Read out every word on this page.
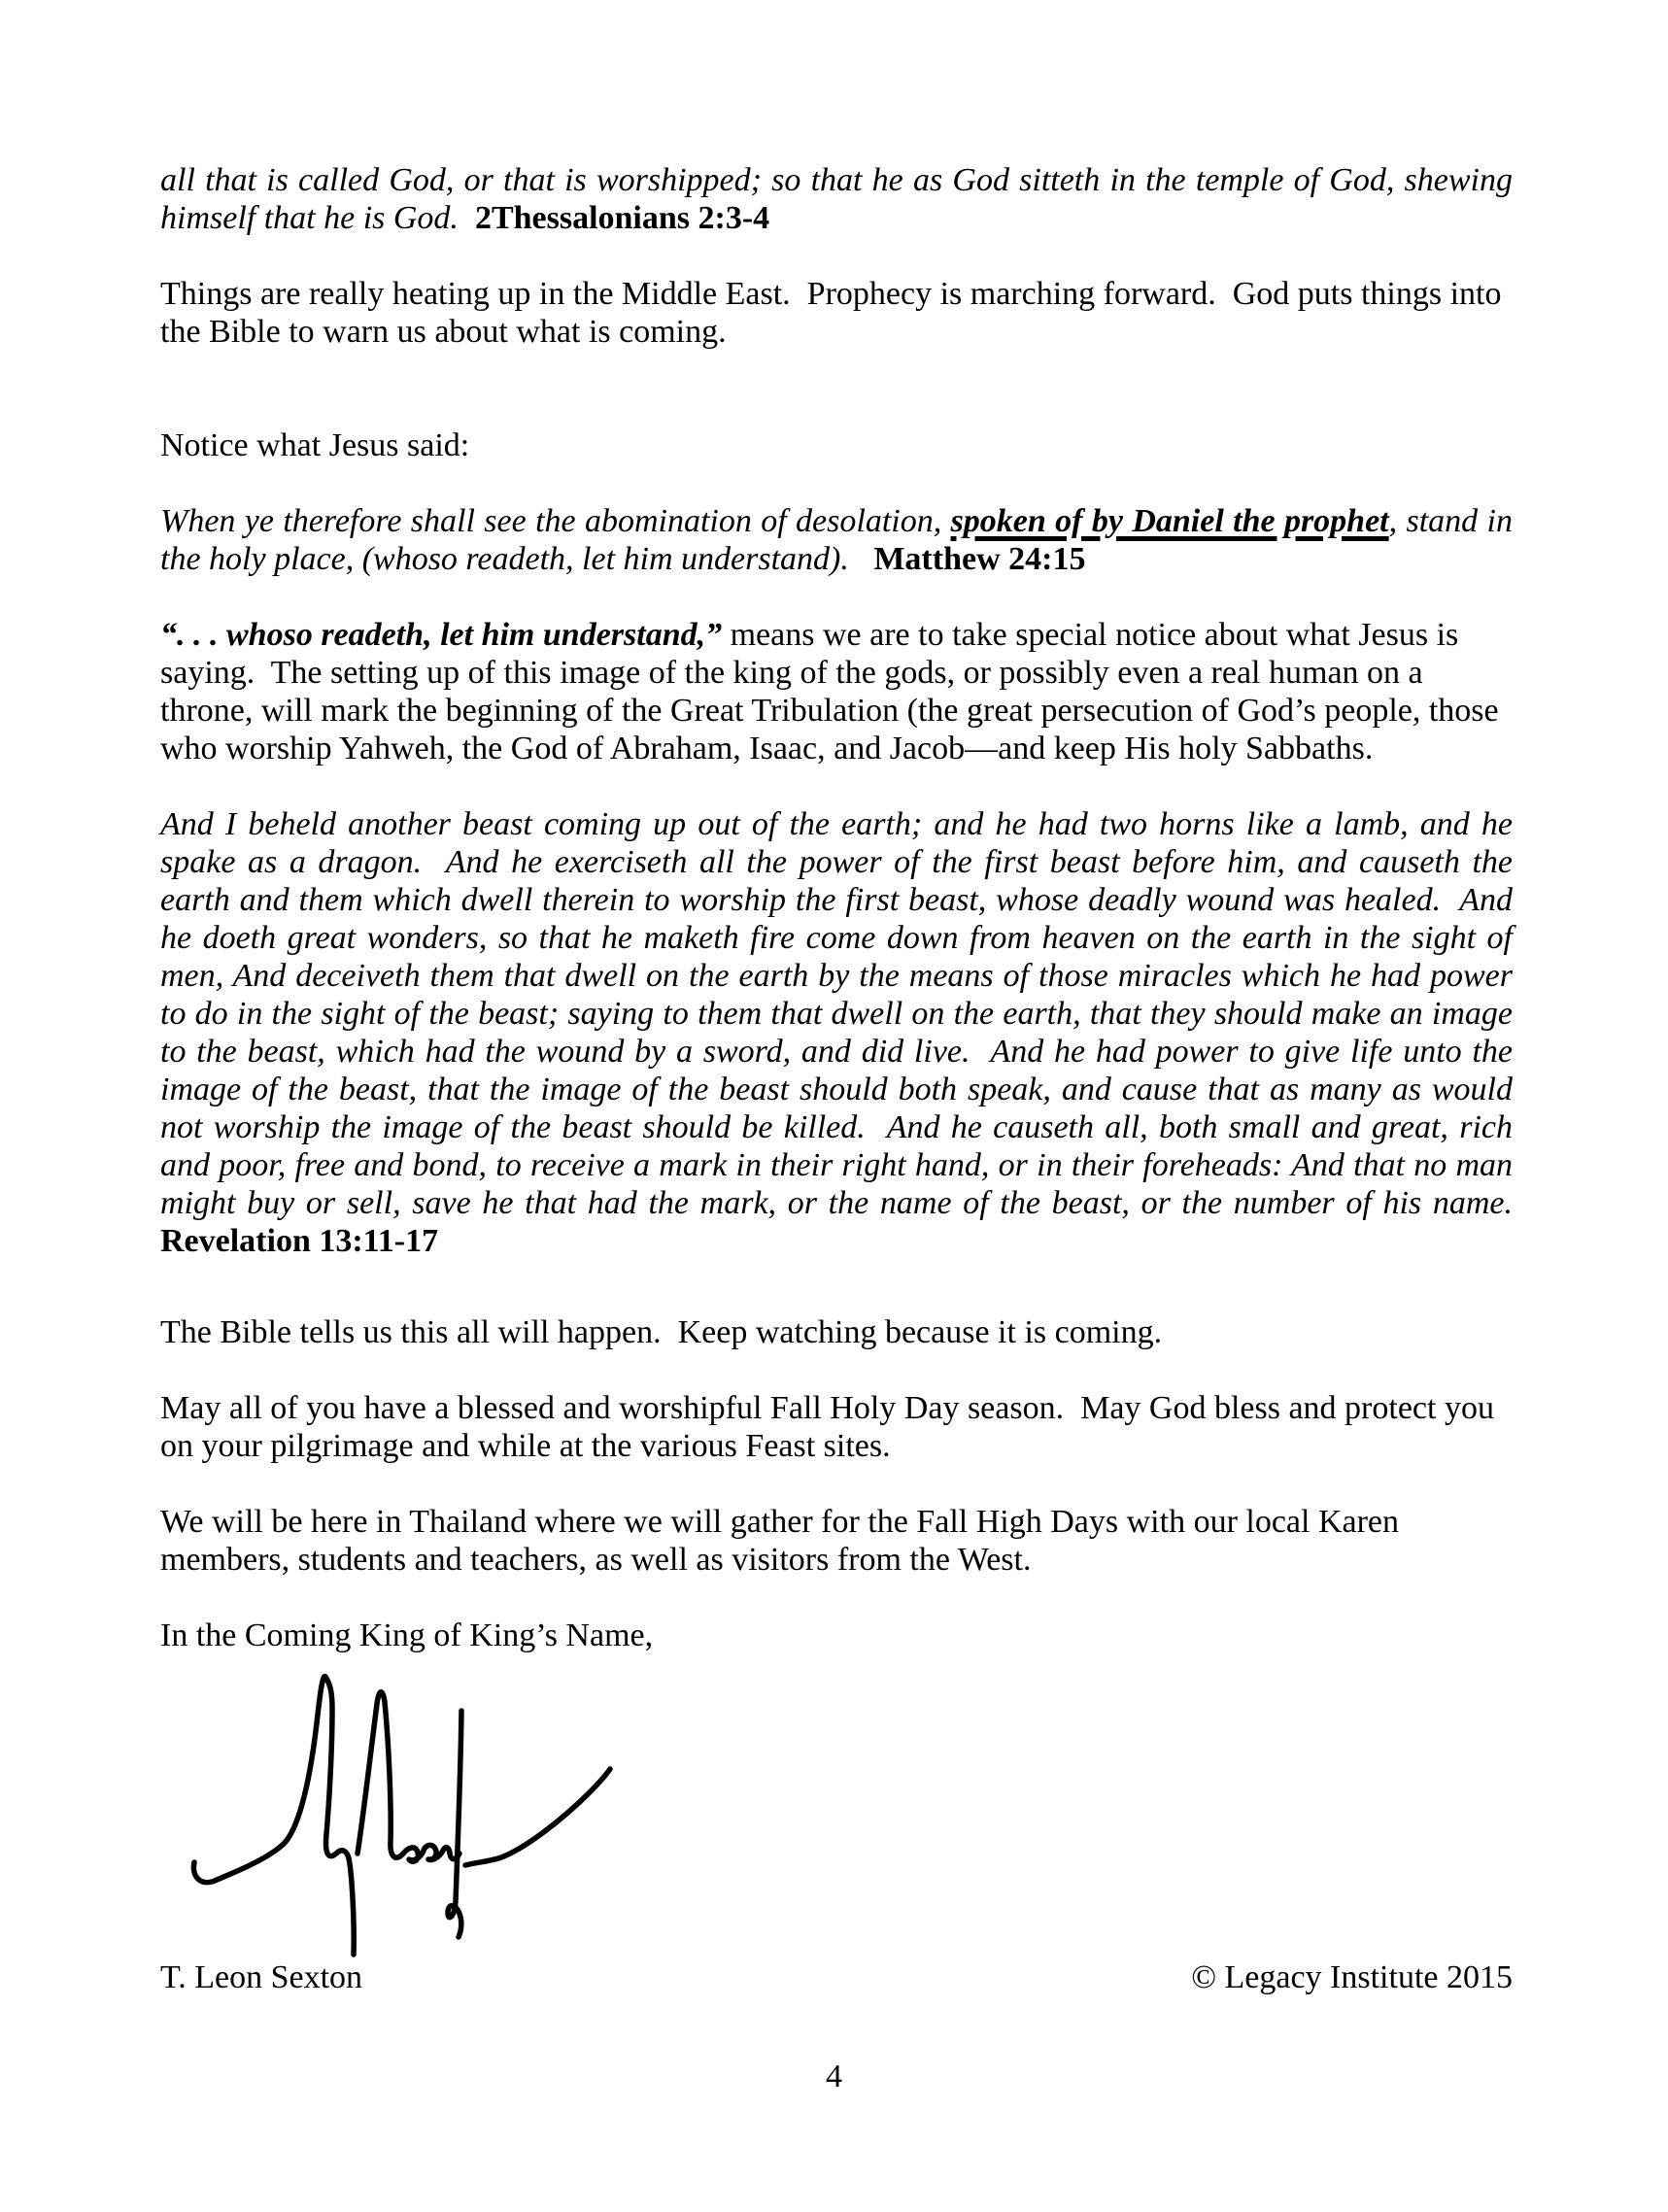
all that is called God, or that is worshipped; so that he as God sitteth in the temple of God, shewing himself that he is God.  2Thessalonians 2:3-4

Things are really heating up in the Middle East.  Prophecy is marching forward.  God puts things into the Bible to warn us about what is coming.

Notice what Jesus said:

When ye therefore shall see the abomination of desolation, spoken of by Daniel the prophet, stand in the holy place, (whoso readeth, let him understand).   Matthew 24:15

“. . . whoso readeth, let him understand,” means we are to take special notice about what Jesus is saying.  The setting up of this image of the king of the gods, or possibly even a real human on a throne, will mark the beginning of the Great Tribulation (the great persecution of God’s people, those who worship Yahweh, the God of Abraham, Isaac, and Jacob—and keep His holy Sabbaths.

And I beheld another beast coming up out of the earth; and he had two horns like a lamb, and he spake as a dragon.  And he exerciseth all the power of the first beast before him, and causeth the earth and them which dwell therein to worship the first beast, whose deadly wound was healed.  And he doeth great wonders, so that he maketh fire come down from heaven on the earth in the sight of men, And deceiveth them that dwell on the earth by the means of those miracles which he had power to do in the sight of the beast; saying to them that dwell on the earth, that they should make an image to the beast, which had the wound by a sword, and did live.  And he had power to give life unto the image of the beast, that the image of the beast should both speak, and cause that as many as would not worship the image of the beast should be killed.  And he causeth all, both small and great, rich and poor, free and bond, to receive a mark in their right hand, or in their foreheads: And that no man might buy or sell, save he that had the mark, or the name of the beast, or the number of his name.  Revelation 13:11-17

The Bible tells us this all will happen.  Keep watching because it is coming.

May all of you have a blessed and worshipful Fall Holy Day season.  May God bless and protect you on your pilgrimage and while at the various Feast sites.

We will be here in Thailand where we will gather for the Fall High Days with our local Karen members, students and teachers, as well as visitors from the West.

In the Coming King of King’s Name,

T. Leon Sexton	© Legacy Institute 2015
4
